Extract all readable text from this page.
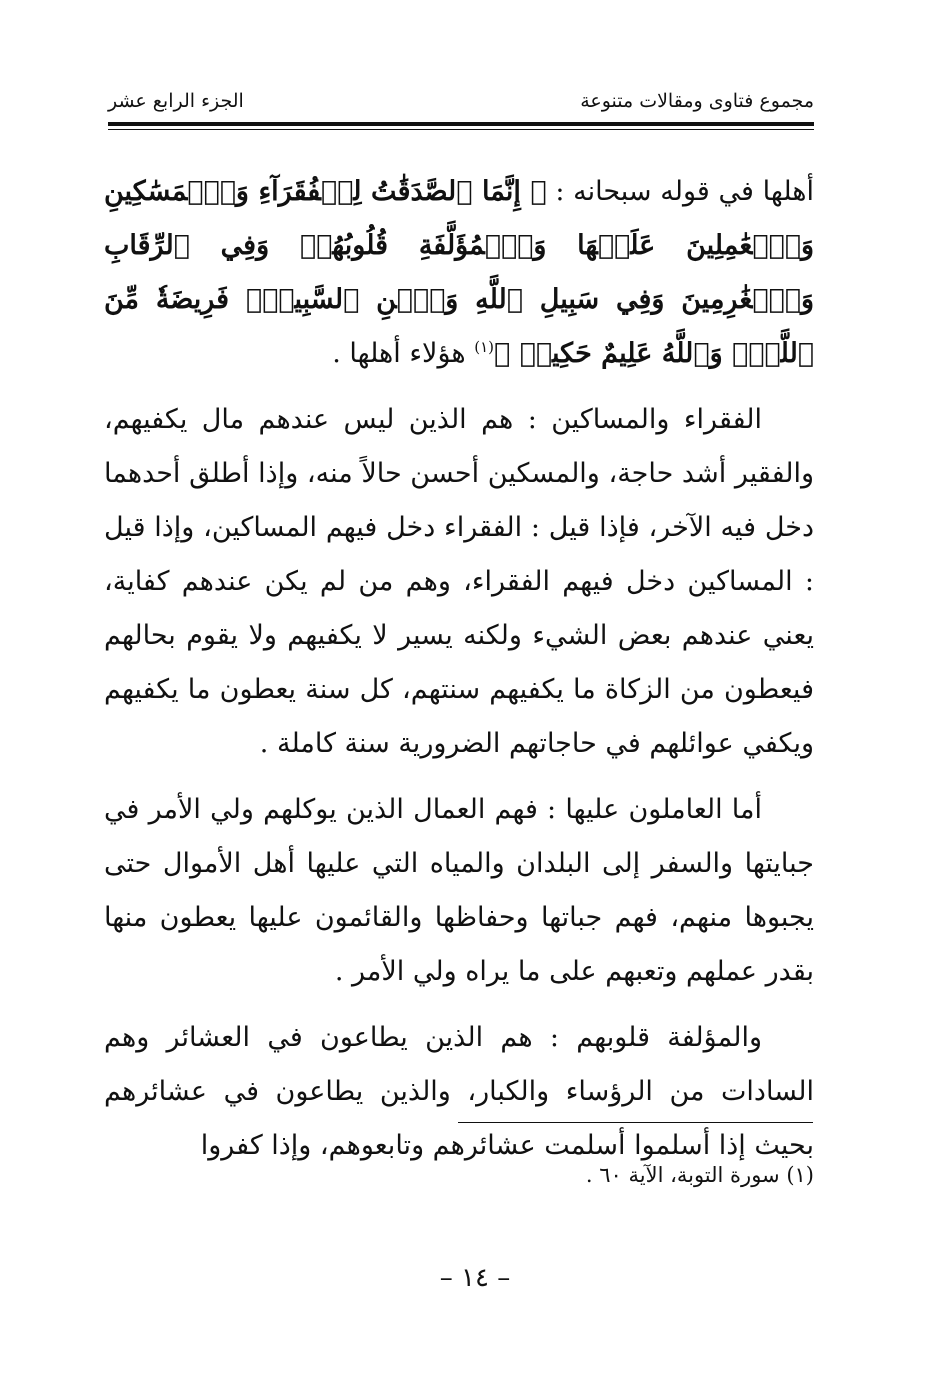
مجموع فتاوى ومقالات متنوعة
الجزء الرابع عشر

أهلها في قوله سبحانه : ﴿ إِنَّمَا ٱلصَّدَقَٰتُ لِلۡفُقَرَآءِ وَٱلۡمَسَٰكِينِ وَٱلۡعَٰمِلِينَ عَلَيۡهَا وَٱلۡمُؤَلَّفَةِ قُلُوبُهُمۡ وَفِي ٱلرِّقَابِ وَٱلۡغَٰرِمِينَ وَفِي سَبِيلِ ٱللَّهِ وَٱبۡنِ ٱلسَّبِيلِۖ فَرِيضَةٗ مِّنَ ٱللَّهِۗ وَٱللَّهُ عَلِيمٌ حَكِيمٞ ﴾$^{(١)}$ هؤلاء أهلها .

الفقراء والمساكين : هم الذين ليس عندهم مال يكفيهم، والفقير أشد حاجة، والمسكين أحسن حالاً منه، وإذا أطلق أحدهما دخل فيه الآخر، فإذا قيل : الفقراء دخل فيهم المساكين، وإذا قيل : المساكين دخل فيهم الفقراء، وهم من لم يكن عندهم كفاية، يعني عندهم بعض الشيء ولكنه يسير لا يكفيهم ولا يقوم بحالهم فيعطون من الزكاة ما يكفيهم سنتهم، كل سنة يعطون ما يكفيهم ويكفي عوائلهم في حاجاتهم الضرورية سنة كاملة .

أما العاملون عليها : فهم العمال الذين يوكلهم ولي الأمر في جبايتها والسفر إلى البلدان والمياه التي عليها أهل الأموال حتى يجبوها منهم، فهم جباتها وحفاظها والقائمون عليها يعطون منها بقدر عملهم وتعبهم على ما يراه ولي الأمر .

والمؤلفة قلوبهم : هم الذين يطاعون في العشائر وهم السادات من الرؤساء والكبار، والذين يطاعون في عشائرهم بحيث إذا أسلموا أسلمت عشائرهم وتابعوهم، وإذا كفروا

(١) سورة التوبة، الآية ٦٠ .
– ١٤ –
